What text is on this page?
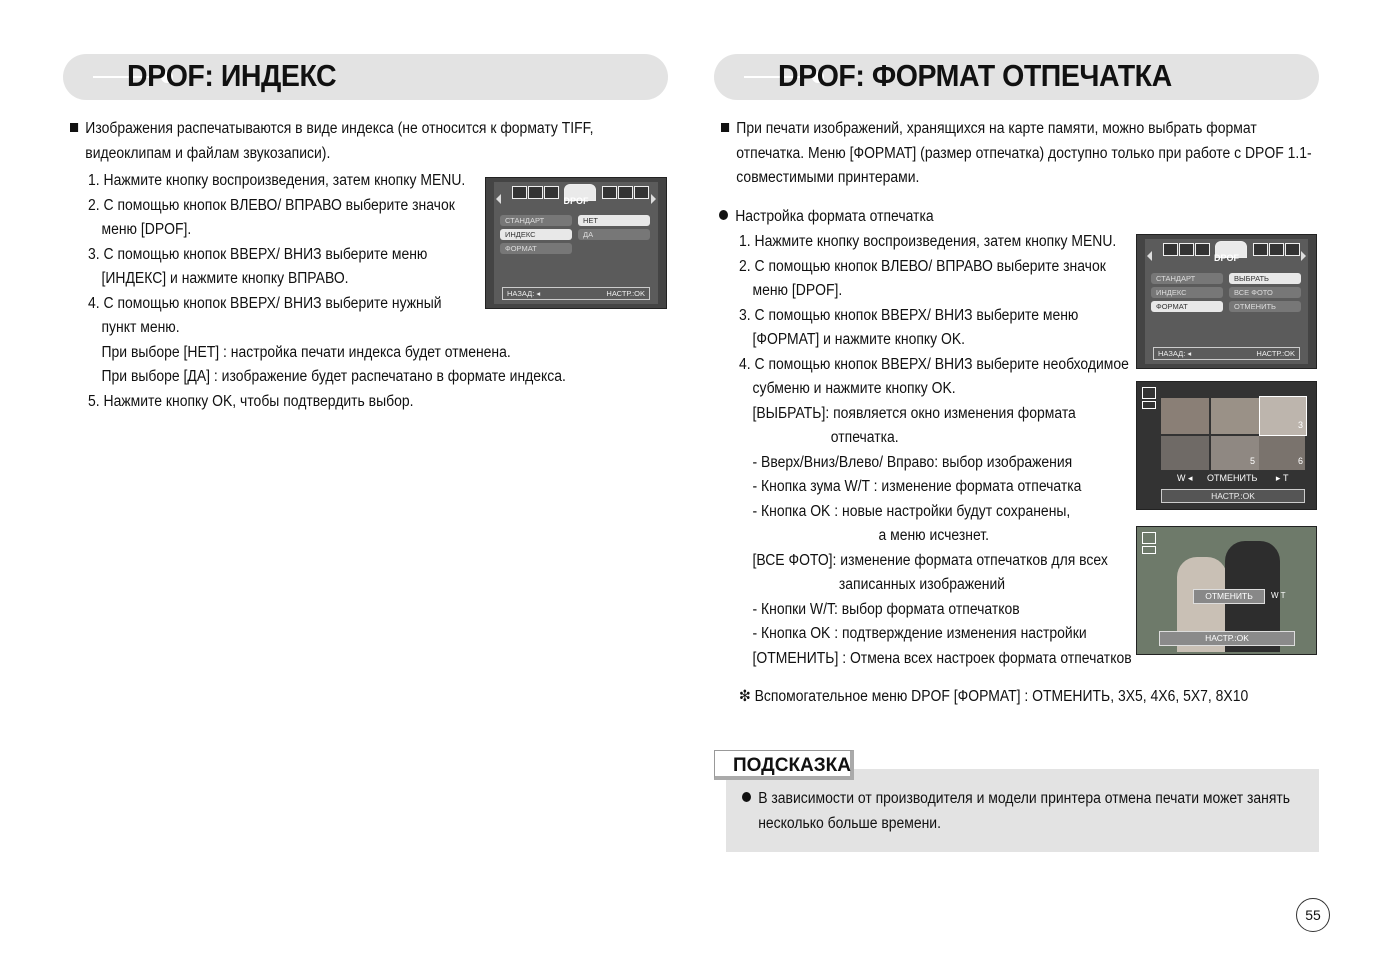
DPOF: ИНДЕКС
Изображения распечатываются в виде индекса (не относится к формату TIFF,
видеоклипам и файлам звукозаписи).
1. Нажмите кнопку воспроизведения, затем кнопку MENU.
2. С помощью кнопок ВЛЕВО/ ВПРАВО выберите значок
меню [DPOF].
3. С помощью кнопок ВВЕРХ/ ВНИЗ выберите меню
[ИНДЕКС] и нажмите кнопку ВПРАВО.
4. С помощью кнопок ВВЕРХ/ ВНИЗ выберите нужный
пункт меню.
При выборе [НЕТ] : настройка печати индекса будет отменена.
При выборе [ДА] : изображение будет распечатано в формате индекса.
5. Нажмите кнопку OK, чтобы подтвердить выбор.
DPOF
СТАНДАРТ
ИНДЕКС
ФОРМАТ
НЕТ
ДА
НАЗАД: ◂	НАСТР.:OK
DPOF: ФОРМАТ ОТПЕЧАТКА
При печати изображений, хранящихся на карте памяти, можно выбрать формат
отпечатка. Меню [ФОРМАТ] (размер отпечатка) доступно только при работе с DPOF 1.1-
совместимыми принтерами.
Настройка формата отпечатка
1. Нажмите кнопку воспроизведения, затем кнопку MENU.
2. С помощью кнопок ВЛЕВО/ ВПРАВО выберите значок
меню [DPOF].
3. С помощью кнопок ВВЕРХ/ ВНИЗ выберите меню
[ФОРМАТ] и нажмите кнопку OK.
4. С помощью кнопок ВВЕРХ/ ВНИЗ выберите необходимое
субменю и нажмите кнопку OK.
[ВЫБРАТЬ]: появляется окно изменения формата
отпечатка.
- Вверх/Вниз/Влево/ Вправо: выбор изображения
- Кнопка зума W/T : изменение формата отпечатка
- Кнопка OK : новые настройки будут сохранены,
а меню исчезнет.
[ВСЕ ФОТО]: изменение формата отпечатков для всех
записанных изображений
- Кнопки W/T: выбор формата отпечатков
- Кнопка OK : подтверждение изменения настройки
[ОТМЕНИТЬ] : Отмена всех настроек формата отпечатков
❇ Вспомогательное меню DPOF [ФОРМАТ] : ОТМЕНИТЬ, 3X5, 4X6, 5X7, 8X10
DPOF
СТАНДАРТ
ИНДЕКС
ФОРМАТ
ВЫБРАТЬ
ВСЕ ФОТО
ОТМЕНИТЬ
НАЗАД: ◂	НАСТР.:OK
3
5	6
W ◂ ОТМЕНИТЬ ▸ T
НАСТР.:OK
ОТМЕНИТЬ	W T
НАСТР.:OK
ПОДСКАЗКА
В зависимости от производителя и модели принтера отмена печати может занять
несколько больше времени.
55
